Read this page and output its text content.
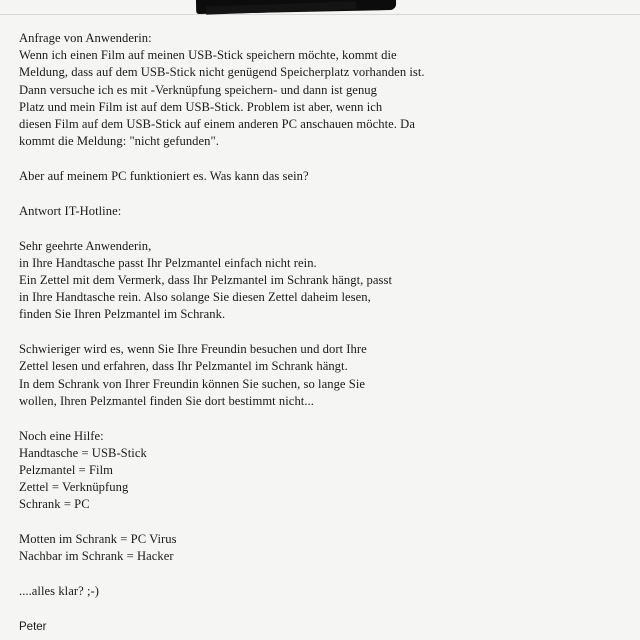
Anfrage von Anwenderin:
Wenn ich einen Film auf meinen USB-Stick speichern möchte, kommt die
Meldung, dass auf dem USB-Stick nicht genügend Speicherplatz vorhanden ist.
Dann versuche ich es mit -Verknüpfung speichern- und dann ist genug
Platz und mein Film ist auf dem USB-Stick. Problem ist aber, wenn ich
diesen Film auf dem USB-Stick auf einem anderen PC anschauen möchte. Da
kommt die Meldung: "nicht gefunden".
Aber auf meinem PC funktioniert es. Was kann das sein?
Antwort IT-Hotline:
Sehr geehrte Anwenderin,
in Ihre Handtasche passt Ihr Pelzmantel einfach nicht rein.
Ein Zettel mit dem Vermerk, dass Ihr Pelzmantel im Schrank hängt, passt
in Ihre Handtasche rein. Also solange Sie diesen Zettel daheim lesen,
finden Sie Ihren Pelzmantel im Schrank.
Schwieriger wird es, wenn Sie Ihre Freundin besuchen und dort Ihre
Zettel lesen und erfahren, dass Ihr Pelzmantel im Schrank hängt.
In dem Schrank von Ihrer Freundin können Sie suchen, so lange Sie
wollen, Ihren Pelzmantel finden Sie dort bestimmt nicht...
Noch eine Hilfe:
Handtasche = USB-Stick
Pelzmantel = Film
Zettel = Verknüpfung
Schrank = PC
Motten im Schrank = PC Virus
Nachbar im Schrank = Hacker
....alles klar? ;-)
Peter
